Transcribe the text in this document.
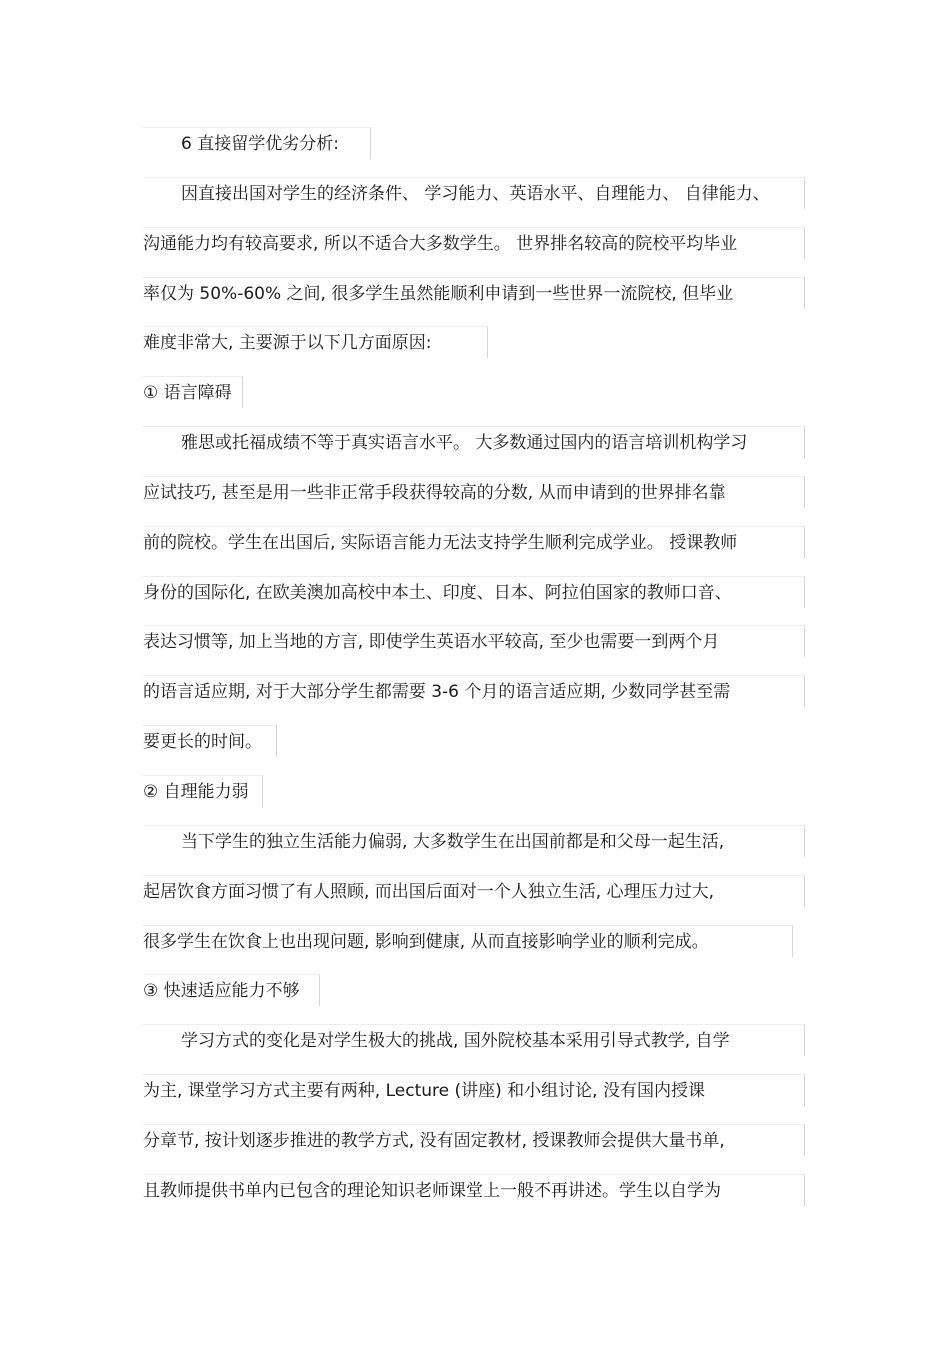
6 直接留学优劣分析:
因直接出国对学生的经济条件、 学习能力、英语水平、自理能力、 自律能力、
沟通能力均有较高要求, 所以不适合大多数学生。 世界排名较高的院校平均毕业
率仅为 50%-60% 之间, 很多学生虽然能顺利申请到一些世界一流院校, 但毕业
难度非常大, 主要源于以下几方面原因:
① 语言障碍
雅思或托福成绩不等于真实语言水平。 大多数通过国内的语言培训机构学习
应试技巧, 甚至是用一些非正常手段获得较高的分数, 从而申请到的世界排名靠
前的院校。学生在出国后, 实际语言能力无法支持学生顺利完成学业。 授课教师
身份的国际化, 在欧美澳加高校中本土、印度、日本、阿拉伯国家的教师口音、
表达习惯等, 加上当地的方言, 即使学生英语水平较高, 至少也需要一到两个月
的语言适应期, 对于大部分学生都需要 3-6 个月的语言适应期, 少数同学甚至需
要更长的时间。
② 自理能力弱
当下学生的独立生活能力偏弱, 大多数学生在出国前都是和父母一起生活,
起居饮食方面习惯了有人照顾, 而出国后面对一个人独立生活, 心理压力过大,
很多学生在饮食上也出现问题, 影响到健康, 从而直接影响学业的顺利完成。
③ 快速适应能力不够
学习方式的变化是对学生极大的挑战, 国外院校基本采用引导式教学, 自学
为主, 课堂学习方式主要有两种, Lecture (讲座) 和小组讨论, 没有国内授课
分章节, 按计划逐步推进的教学方式, 没有固定教材, 授课教师会提供大量书单,
且教师提供书单内已包含的理论知识老师课堂上一般不再讲述。学生以自学为
